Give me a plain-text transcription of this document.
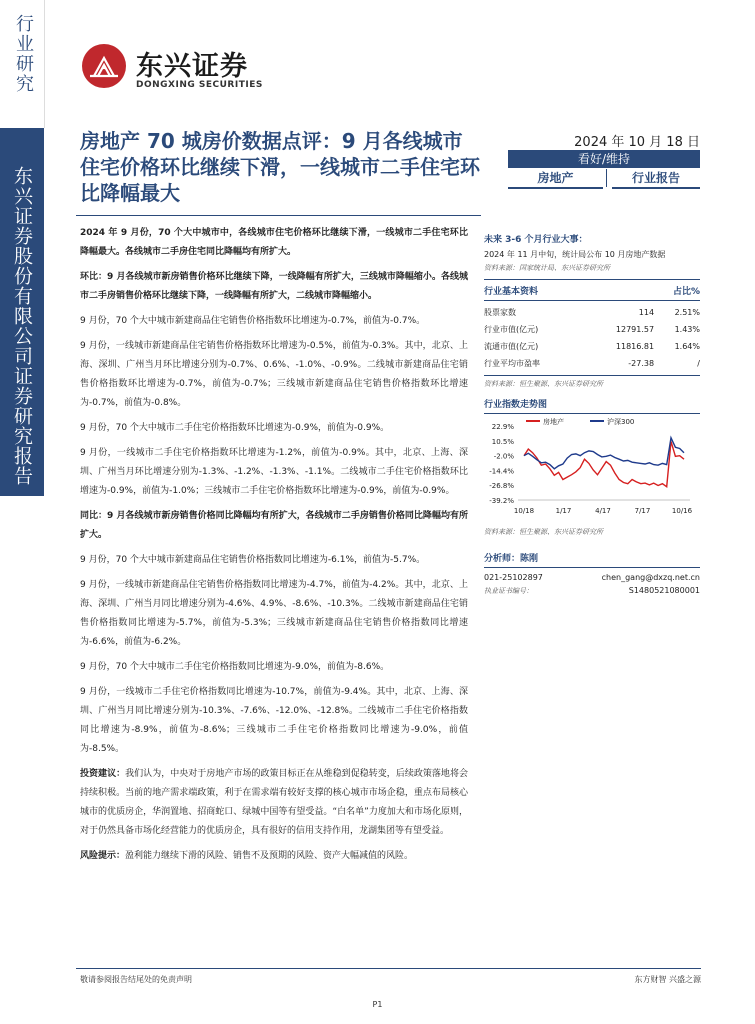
行业研究
东兴证券股份有限公司证券研究报告
东兴证券
DONGXING SECURITIES
房地产 70 城房价数据点评：9 月各线城市住宅价格环比继续下滑，一线城市二手住宅环比降幅最大
2024 年 10 月 18 日
看好/维持
房地产	行业报告

2024 年 9 月份，70 个大中城市中，各线城市住宅价格环比继续下滑，一线城市二手住宅环比降幅最大。各线城市二手房住宅同比降幅均有所扩大。

环比：9 月各线城市新房销售价格环比继续下降，一线降幅有所扩大，三线城市降幅缩小。各线城市二手房销售价格环比继续下降，一线降幅有所扩大，二线城市降幅缩小。

9 月份，70 个大中城市新建商品住宅销售价格指数环比增速为-0.7%，前值为-0.7%。

9 月份，一线城市新建商品住宅销售价格指数环比增速为-0.5%，前值为-0.3%。其中，北京、上海、深圳、广州当月环比增速分别为-0.7%、0.6%、-1.0%、-0.9%。二线城市新建商品住宅销售价格指数环比增速为-0.7%，前值为-0.7%；三线城市新建商品住宅销售价格指数环比增速为-0.7%，前值为-0.8%。

9 月份，70 个大中城市二手住宅价格指数环比增速为-0.9%，前值为-0.9%。

9 月份，一线城市二手住宅价格指数环比增速为-1.2%，前值为-0.9%。其中，北京、上海、深圳、广州当月环比增速分别为-1.3%、-1.2%、-1.3%、-1.1%。二线城市二手住宅价格指数环比增速为-0.9%，前值为-1.0%；三线城市二手住宅价格指数环比增速为-0.9%，前值为-0.9%。

同比：9 月各线城市新房销售价格同比降幅均有所扩大，各线城市二手房销售价格同比降幅均有所扩大。

9 月份，70 个大中城市新建商品住宅销售价格指数同比增速为-6.1%，前值为-5.7%。

9 月份，一线城市新建商品住宅销售价格指数同比增速为-4.7%，前值为-4.2%。其中，北京、上海、深圳、广州当月同比增速分别为-4.6%、4.9%、-8.6%、-10.3%。二线城市新建商品住宅销售价格指数同比增速为-5.7%，前值为-5.3%；三线城市新建商品住宅销售价格指数同比增速为-6.6%，前值为-6.2%。

9 月份，70 个大中城市二手住宅价格指数同比增速为-9.0%，前值为-8.6%。

9 月份，一线城市二手住宅价格指数同比增速为-10.7%，前值为-9.4%。其中，北京、上海、深圳、广州当月同比增速分别为-10.3%、-7.6%、-12.0%、-12.8%。二线城市二手住宅价格指数同比增速为-8.9%，前值为-8.6%；三线城市二手住宅价格指数同比增速为-9.0%，前值为-8.5%。

投资建议：我们认为，中央对于房地产市场的政策目标正在从维稳到促稳转变，后续政策落地将会持续积极。当前的地产需求端政策，利于在需求端有较好支撑的核心城市市场企稳，重点布局核心城市的优质房企，华润置地、招商蛇口、绿城中国等有望受益。“白名单”力度加大和市场化原则，对于仍然具备市场化经营能力的优质房企，具有很好的信用支持作用，龙湖集团等有望受益。

风险提示：盈利能力继续下滑的风险、销售不及预期的风险、资产大幅减值的风险。

未来 3-6 个月行业大事：
2024 年 11 月中旬，统计局公布 10 月房地产数据
资料来源：国家统计局、东兴证券研究所
行业基本资料	占比%
股票家数	114	2.51%
行业市值(亿元)	12791.57	1.43%
流通市值(亿元)	11816.81	1.64%
行业平均市盈率	-27.38	/
资料来源：恒生聚源、东兴证券研究所
行业指数走势图
22.9%
10.5%
-2.0%
-14.4%
-26.8%
-39.2%
10/18	1/17	4/17	7/17	10/16
房地产	沪深300
资料来源：恒生聚源、东兴证券研究所
分析师：陈刚
021-25102897	chen_gang@dxzq.net.cn
执业证书编号：	S1480521080001
敬请参阅报告结尾处的免责声明	东方财智 兴盛之源
P1
